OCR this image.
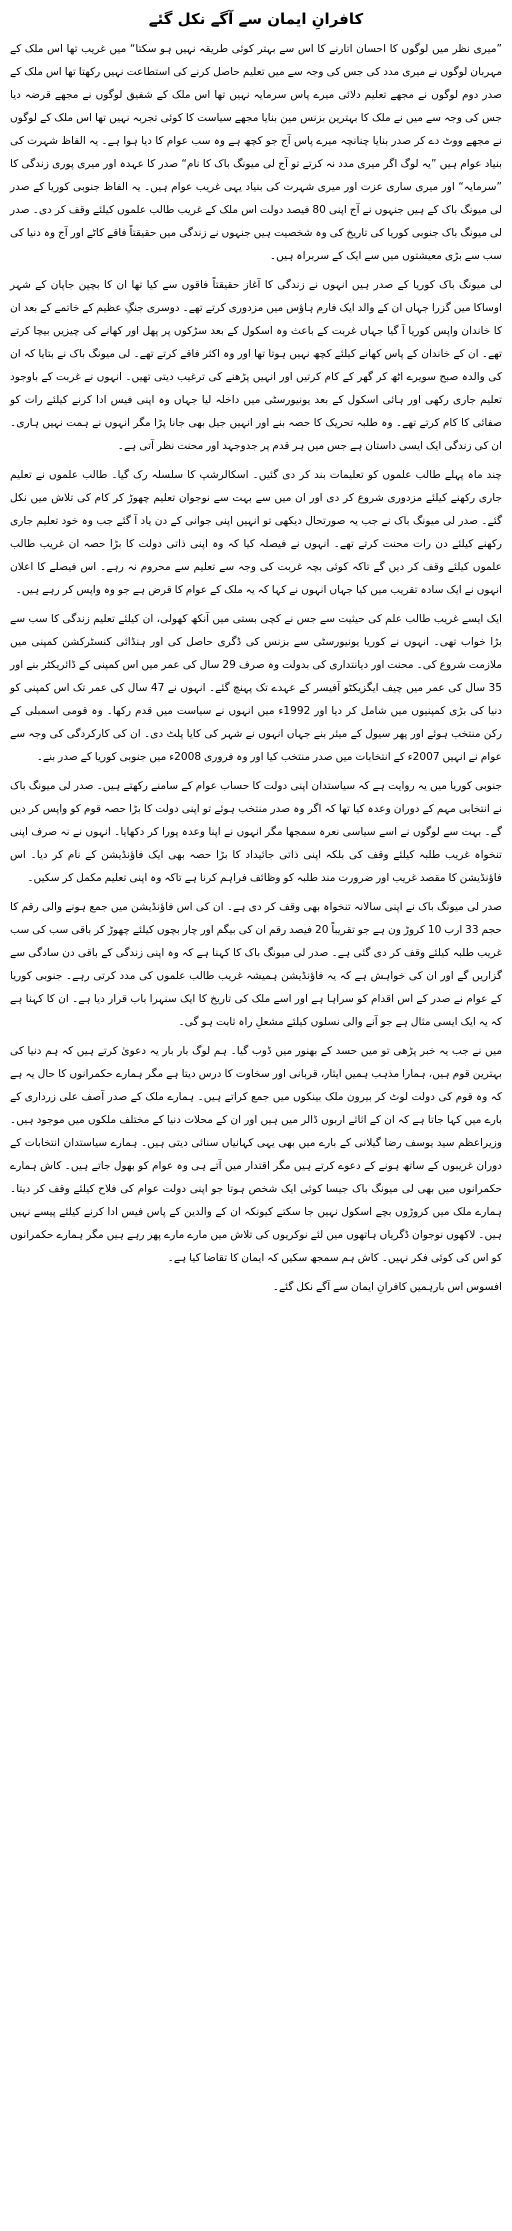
کافرانِ ایمان سے آگے نکل گئے

”میری نظر میں لوگوں کا احسان اتارنے کا اس سے بہتر کوئی طریقہ نہیں ہو سکتا“ میں غریب تھا اس ملک کے مہربان لوگوں نے میری مدد کی جس کی وجہ سے میں تعلیم حاصل کرنے کی استطاعت نہیں رکھتا تھا اس ملک کے صدر دوم لوگوں نے مجھے تعلیم دلائی میرے پاس سرمایہ نہیں تھا اس ملک کے شفیق لوگوں نے مجھے قرضہ دیا جس کی وجہ سے میں نے ملک کا بہترین بزنس مین بنایا مجھے سیاست کا کوئی تجربہ نہیں تھا اس ملک کے لوگوں نے مجھے ووٹ دے کر صدر بنایا چنانچہ میرے پاس آج جو کچھ ہے وہ سب عوام کا دیا ہوا ہے۔ یہ الفاظ شہرت کی بنیاد عوام ہیں ”یہ لوگ اگر میری مدد نہ کرتے تو آج لی میونگ باک کا نام“ صدر کا عہدہ اور میری پوری زندگی کا ”سرمایہ“ اور میری ساری عزت اور میری شہرت کی بنیاد یہی غریب عوام ہیں۔ یہ الفاظ جنوبی کوریا کے صدر لی میونگ باک کے ہیں جنہوں نے آج اپنی 80 فیصد دولت اس ملک کے غریب طالب علموں کیلئے وقف کر دی۔ صدر لی میونگ باک جنوبی کوریا کی تاریخ کی وہ شخصیت ہیں جنہوں نے زندگی میں حقیقتاً فاقے کاٹے اور آج وہ دنیا کی سب سے بڑی معیشتوں میں سے ایک کے سربراہ ہیں۔

لی میونگ باک کوریا کے صدر ہیں انہوں نے زندگی کا آغاز حقیقتاً فاقوں سے کیا تھا ان کا بچپن جاپان کے شہر اوساکا میں گزرا جہاں ان کے والد ایک فارم ہاؤس میں مزدوری کرتے تھے۔ دوسری جنگِ عظیم کے خاتمے کے بعد ان کا خاندان واپس کوریا آ گیا جہاں غربت کے باعث وہ اسکول کے بعد سڑکوں پر پھل اور کھانے کی چیزیں بیچا کرتے تھے۔ ان کے خاندان کے پاس کھانے کیلئے کچھ نہیں ہوتا تھا اور وہ اکثر فاقے کرتے تھے۔ لی میونگ باک نے بتایا کہ ان کی والدہ صبح سویرے اٹھ کر گھر کے کام کرتیں اور انہیں پڑھنے کی ترغیب دیتی تھیں۔ انہوں نے غربت کے باوجود تعلیم جاری رکھی اور ہائی اسکول کے بعد یونیورسٹی میں داخلہ لیا جہاں وہ اپنی فیس ادا کرنے کیلئے رات کو صفائی کا کام کرتے تھے۔ وہ طلبہ تحریک کا حصہ بنے اور انہیں جیل بھی جانا پڑا مگر انہوں نے ہمت نہیں ہاری۔ ان کی زندگی ایک ایسی داستان ہے جس میں ہر قدم پر جدوجہد اور محنت نظر آتی ہے۔

چند ماہ پہلے طالب علموں کو تعلیمات بند کر دی گئیں۔ اسکالرشپ کا سلسلہ رک گیا۔ طالب علموں نے تعلیم جاری رکھنے کیلئے مزدوری شروع کر دی اور ان میں سے بہت سے نوجوان تعلیم چھوڑ کر کام کی تلاش میں نکل گئے۔ صدر لی میونگ باک نے جب یہ صورتحال دیکھی تو انہیں اپنی جوانی کے دن یاد آ گئے جب وہ خود تعلیم جاری رکھنے کیلئے دن رات محنت کرتے تھے۔ انہوں نے فیصلہ کیا کہ وہ اپنی ذاتی دولت کا بڑا حصہ ان غریب طالب علموں کیلئے وقف کر دیں گے تاکہ کوئی بچہ غربت کی وجہ سے تعلیم سے محروم نہ رہے۔ اس فیصلے کا اعلان انہوں نے ایک سادہ تقریب میں کیا جہاں انہوں نے کہا کہ یہ ملک کے عوام کا قرض ہے جو وہ واپس کر رہے ہیں۔

ایک ایسے غریب طالب علم کی حیثیت سے جس نے کچی بستی میں آنکھ کھولی، ان کیلئے تعلیم زندگی کا سب سے بڑا خواب تھی۔ انہوں نے کوریا یونیورسٹی سے بزنس کی ڈگری حاصل کی اور ہنڈائی کنسٹرکشن کمپنی میں ملازمت شروع کی۔ محنت اور دیانتداری کی بدولت وہ صرف 29 سال کی عمر میں اس کمپنی کے ڈائریکٹر بنے اور 35 سال کی عمر میں چیف ایگزیکٹو آفیسر کے عہدے تک پہنچ گئے۔ انہوں نے 47 سال کی عمر تک اس کمپنی کو دنیا کی بڑی کمپنیوں میں شامل کر دیا اور 1992ء میں انہوں نے سیاست میں قدم رکھا۔ وہ قومی اسمبلی کے رکن منتخب ہوئے اور پھر سیول کے میئر بنے جہاں انہوں نے شہر کی کایا پلٹ دی۔ ان کی کارکردگی کی وجہ سے عوام نے انہیں 2007ء کے انتخابات میں صدر منتخب کیا اور وہ فروری 2008ء میں جنوبی کوریا کے صدر بنے۔

جنوبی کوریا میں یہ روایت ہے کہ سیاستدان اپنی دولت کا حساب عوام کے سامنے رکھتے ہیں۔ صدر لی میونگ باک نے انتخابی مہم کے دوران وعدہ کیا تھا کہ اگر وہ صدر منتخب ہوئے تو اپنی دولت کا بڑا حصہ قوم کو واپس کر دیں گے۔ بہت سے لوگوں نے اسے سیاسی نعرہ سمجھا مگر انہوں نے اپنا وعدہ پورا کر دکھایا۔ انہوں نے نہ صرف اپنی تنخواہ غریب طلبہ کیلئے وقف کی بلکہ اپنی ذاتی جائیداد کا بڑا حصہ بھی ایک فاؤنڈیشن کے نام کر دیا۔ اس فاؤنڈیشن کا مقصد غریب اور ضرورت مند طلبہ کو وظائف فراہم کرنا ہے تاکہ وہ اپنی تعلیم مکمل کر سکیں۔

صدر لی میونگ باک نے اپنی سالانہ تنخواہ بھی وقف کر دی ہے۔ ان کی اس فاؤنڈیشن میں جمع ہونے والی رقم کا حجم 33 ارب 10 کروڑ ون ہے جو تقریباً 20 فیصد رقم ان کی بیگم اور چار بچوں کیلئے چھوڑ کر باقی سب کی سب غریب طلبہ کیلئے وقف کر دی گئی ہے۔ صدر لی میونگ باک کا کہنا ہے کہ وہ اپنی زندگی کے باقی دن سادگی سے گزاریں گے اور ان کی خواہش ہے کہ یہ فاؤنڈیشن ہمیشہ غریب طالب علموں کی مدد کرتی رہے۔ جنوبی کوریا کے عوام نے صدر کے اس اقدام کو سراہا ہے اور اسے ملک کی تاریخ کا ایک سنہرا باب قرار دیا ہے۔ ان کا کہنا ہے کہ یہ ایک ایسی مثال ہے جو آنے والی نسلوں کیلئے مشعلِ راہ ثابت ہو گی۔

میں نے جب یہ خبر پڑھی تو میں حسد کے بھنور میں ڈوب گیا۔ ہم لوگ بار بار یہ دعویٰ کرتے ہیں کہ ہم دنیا کی بہترین قوم ہیں، ہمارا مذہب ہمیں ایثار، قربانی اور سخاوت کا درس دیتا ہے مگر ہمارے حکمرانوں کا حال یہ ہے کہ وہ قوم کی دولت لوٹ کر بیرون ملک بینکوں میں جمع کراتے ہیں۔ ہمارے ملک کے صدر آصف علی زرداری کے بارے میں کہا جاتا ہے کہ ان کے اثاثے اربوں ڈالر میں ہیں اور ان کے محلات دنیا کے مختلف ملکوں میں موجود ہیں۔ وزیراعظم سید یوسف رضا گیلانی کے بارے میں بھی یہی کہانیاں سنائی دیتی ہیں۔ ہمارے سیاستدان انتخابات کے دوران غریبوں کے ساتھ ہونے کے دعوے کرتے ہیں مگر اقتدار میں آتے ہی وہ عوام کو بھول جاتے ہیں۔ کاش ہمارے حکمرانوں میں بھی لی میونگ باک جیسا کوئی ایک شخص ہوتا جو اپنی دولت عوام کی فلاح کیلئے وقف کر دیتا۔ ہمارے ملک میں کروڑوں بچے اسکول نہیں جا سکتے کیونکہ ان کے والدین کے پاس فیس ادا کرنے کیلئے پیسے نہیں ہیں۔ لاکھوں نوجوان ڈگریاں ہاتھوں میں لئے نوکریوں کی تلاش میں مارے مارے پھر رہے ہیں مگر ہمارے حکمرانوں کو اس کی کوئی فکر نہیں۔ کاش ہم سمجھ سکیں کہ ایمان کا تقاضا کیا ہے۔

افسوس اس بارہمیں کافرانِ ایمان سے آگے نکل گئے۔
